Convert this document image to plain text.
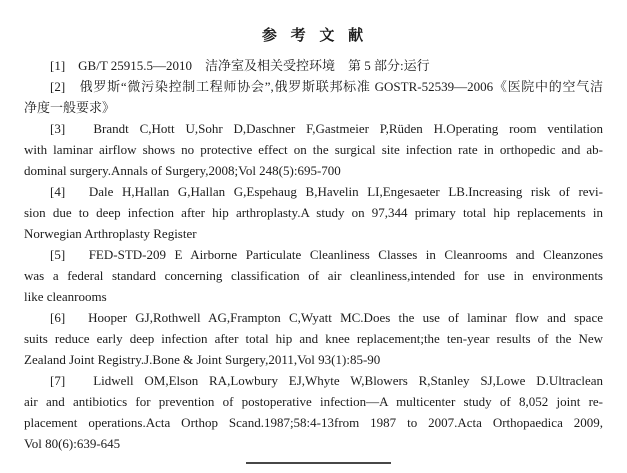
参 考 文 献
[1]　GB/T 25915.5—2010　洁净室及相关受控环境　第 5 部分:运行
[2]　俄罗斯“微污染控制工程师协会”,俄罗斯联邦标准 GOSTR-52539—2006《医院中的空气洁
净度一般要求》
[3]　Brandt C,Hott U,Sohr D,Daschner F,Gastmeier P,Rüden H.Operating room ventilation
with laminar airflow shows no protective effect on the surgical site infection rate in orthopedic and ab-
dominal surgery.Annals of Surgery,2008;Vol 248(5):695-700
[4]　Dale H,Hallan G,Hallan G,Espehaug B,Havelin LI,Engesaeter LB.Increasing risk of revi-
sion due to deep infection after hip arthroplasty.A study on 97,344 primary total hip replacements in
Norwegian Arthroplasty Register
[5]　FED-STD-209 E Airborne Particulate Cleanliness Classes in Cleanrooms and Cleanzones
was a federal standard concerning classification of air cleanliness,intended for use in environments
like cleanrooms
[6]　Hooper GJ,Rothwell AG,Frampton C,Wyatt MC.Does the use of laminar flow and space
suits reduce early deep infection after total hip and knee replacement;the ten-year results of the New
Zealand Joint Registry.J.Bone & Joint Surgery,2011,Vol 93(1):85-90
[7]　Lidwell OM,Elson RA,Lowbury EJ,Whyte W,Blowers R,Stanley SJ,Lowe D.Ultraclean
air and antibiotics for prevention of postoperative infection—A multicenter study of 8,052 joint re-
placement operations.Acta Orthop Scand.1987;58:4-13from 1987 to 2007.Acta Orthopaedica 2009,
Vol 80(6):639-645
